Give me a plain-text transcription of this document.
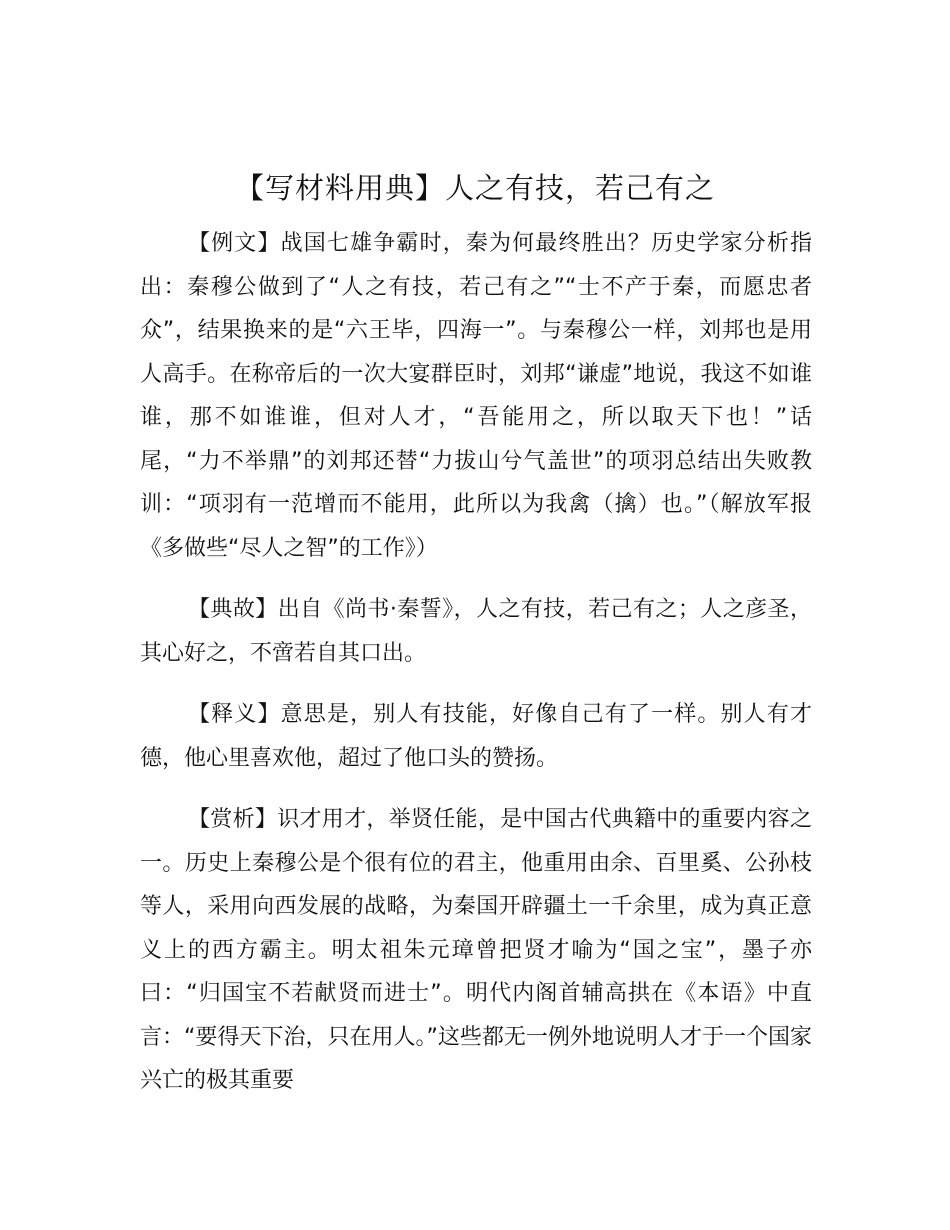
【写材料用典】人之有技，若己有之

【例文】战国七雄争霸时，秦为何最终胜出？历史学家分析指出：秦穆公做到了“人之有技，若己有之”“士不产于秦，而愿忠者众”，结果换来的是“六王毕，四海一”。与秦穆公一样，刘邦也是用人高手。在称帝后的一次大宴群臣时，刘邦“谦虚”地说，我这不如谁谁，那不如谁谁，但对人才，“吾能用之，所以取天下也！”话尾，“力不举鼎”的刘邦还替“力拔山兮气盖世”的项羽总结出失败教训：“项羽有一范增而不能用，此所以为我禽（擒）也。”（解放军报《多做些“尽人之智”的工作》）

【典故】出自《尚书·秦誓》，人之有技，若己有之；人之彦圣，其心好之，不啻若自其口出。

【释义】意思是，别人有技能，好像自己有了一样。别人有才德，他心里喜欢他，超过了他口头的赞扬。

【赏析】识才用才，举贤任能，是中国古代典籍中的重要内容之一。历史上秦穆公是个很有位的君主，他重用由余、百里奚、公孙枝等人，采用向西发展的战略，为秦国开辟疆土一千余里，成为真正意义上的西方霸主。明太祖朱元璋曾把贤才喻为“国之宝”，墨子亦曰：“归国宝不若献贤而进士”。明代内阁首辅高拱在《本语》中直言：“要得天下治，只在用人。”这些都无一例外地说明人才于一个国家兴亡的极其重要
